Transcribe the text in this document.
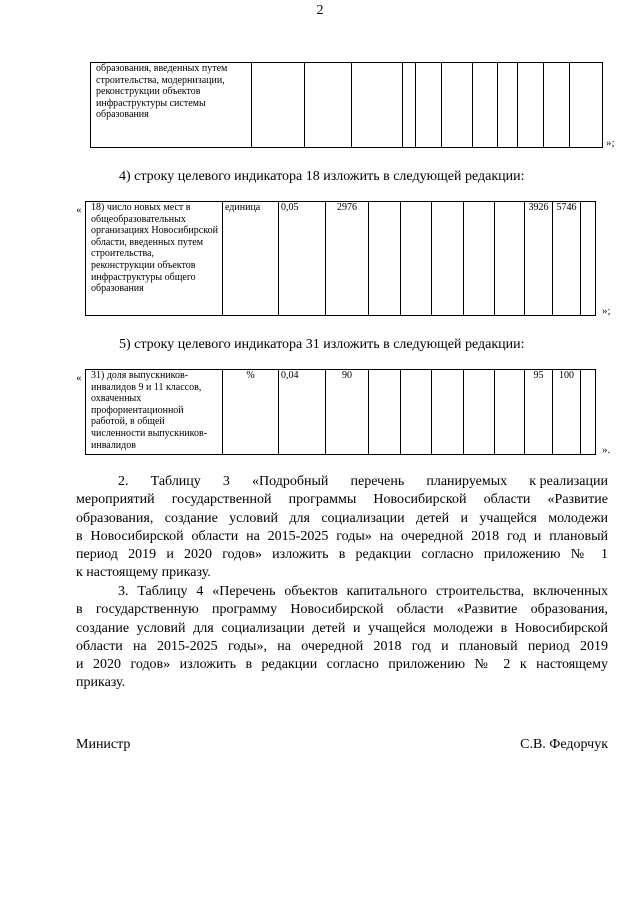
2
образования, введенных путем строительства, модернизации, реконструкции объектов инфраструктуры системы образования											
»;
4) строку целевого индикатора 18 изложить в следующей редакции:
« 18) число новых мест в общеобразовательных организациях Новосибирской области, введенных путем строительства, реконструкции объектов инфраструктуры общего образования	единица	0,05	2976						3926	5746	
»;
5) строку целевого индикатора 31 изложить в следующей редакции:
« 31) доля выпускников-инвалидов 9 и 11 классов, охваченных профориентационной работой, в общей численности выпускников-инвалидов	%	0,04	90						95	100	
».
2. Таблицу 3 «Подробный перечень планируемых к реализации
мероприятий государственной программы Новосибирской области «Развитие
образования, создание условий для социализации детей и учащейся молодежи
в Новосибирской области на 2015-2025 годы» на очередной 2018 год и плановый
период 2019 и 2020 годов» изложить в редакции согласно приложению № 1
к настоящему приказу.
3. Таблицу 4 «Перечень объектов капитального строительства, включенных
в государственную программу Новосибирской области «Развитие образования,
создание условий для социализации детей и учащейся молодежи в Новосибирской
области на 2015-2025 годы», на очередной 2018 год и плановый период 2019
и 2020 годов» изложить в редакции согласно приложению № 2 к настоящему
приказу.
Министр	С.В. Федорчук
